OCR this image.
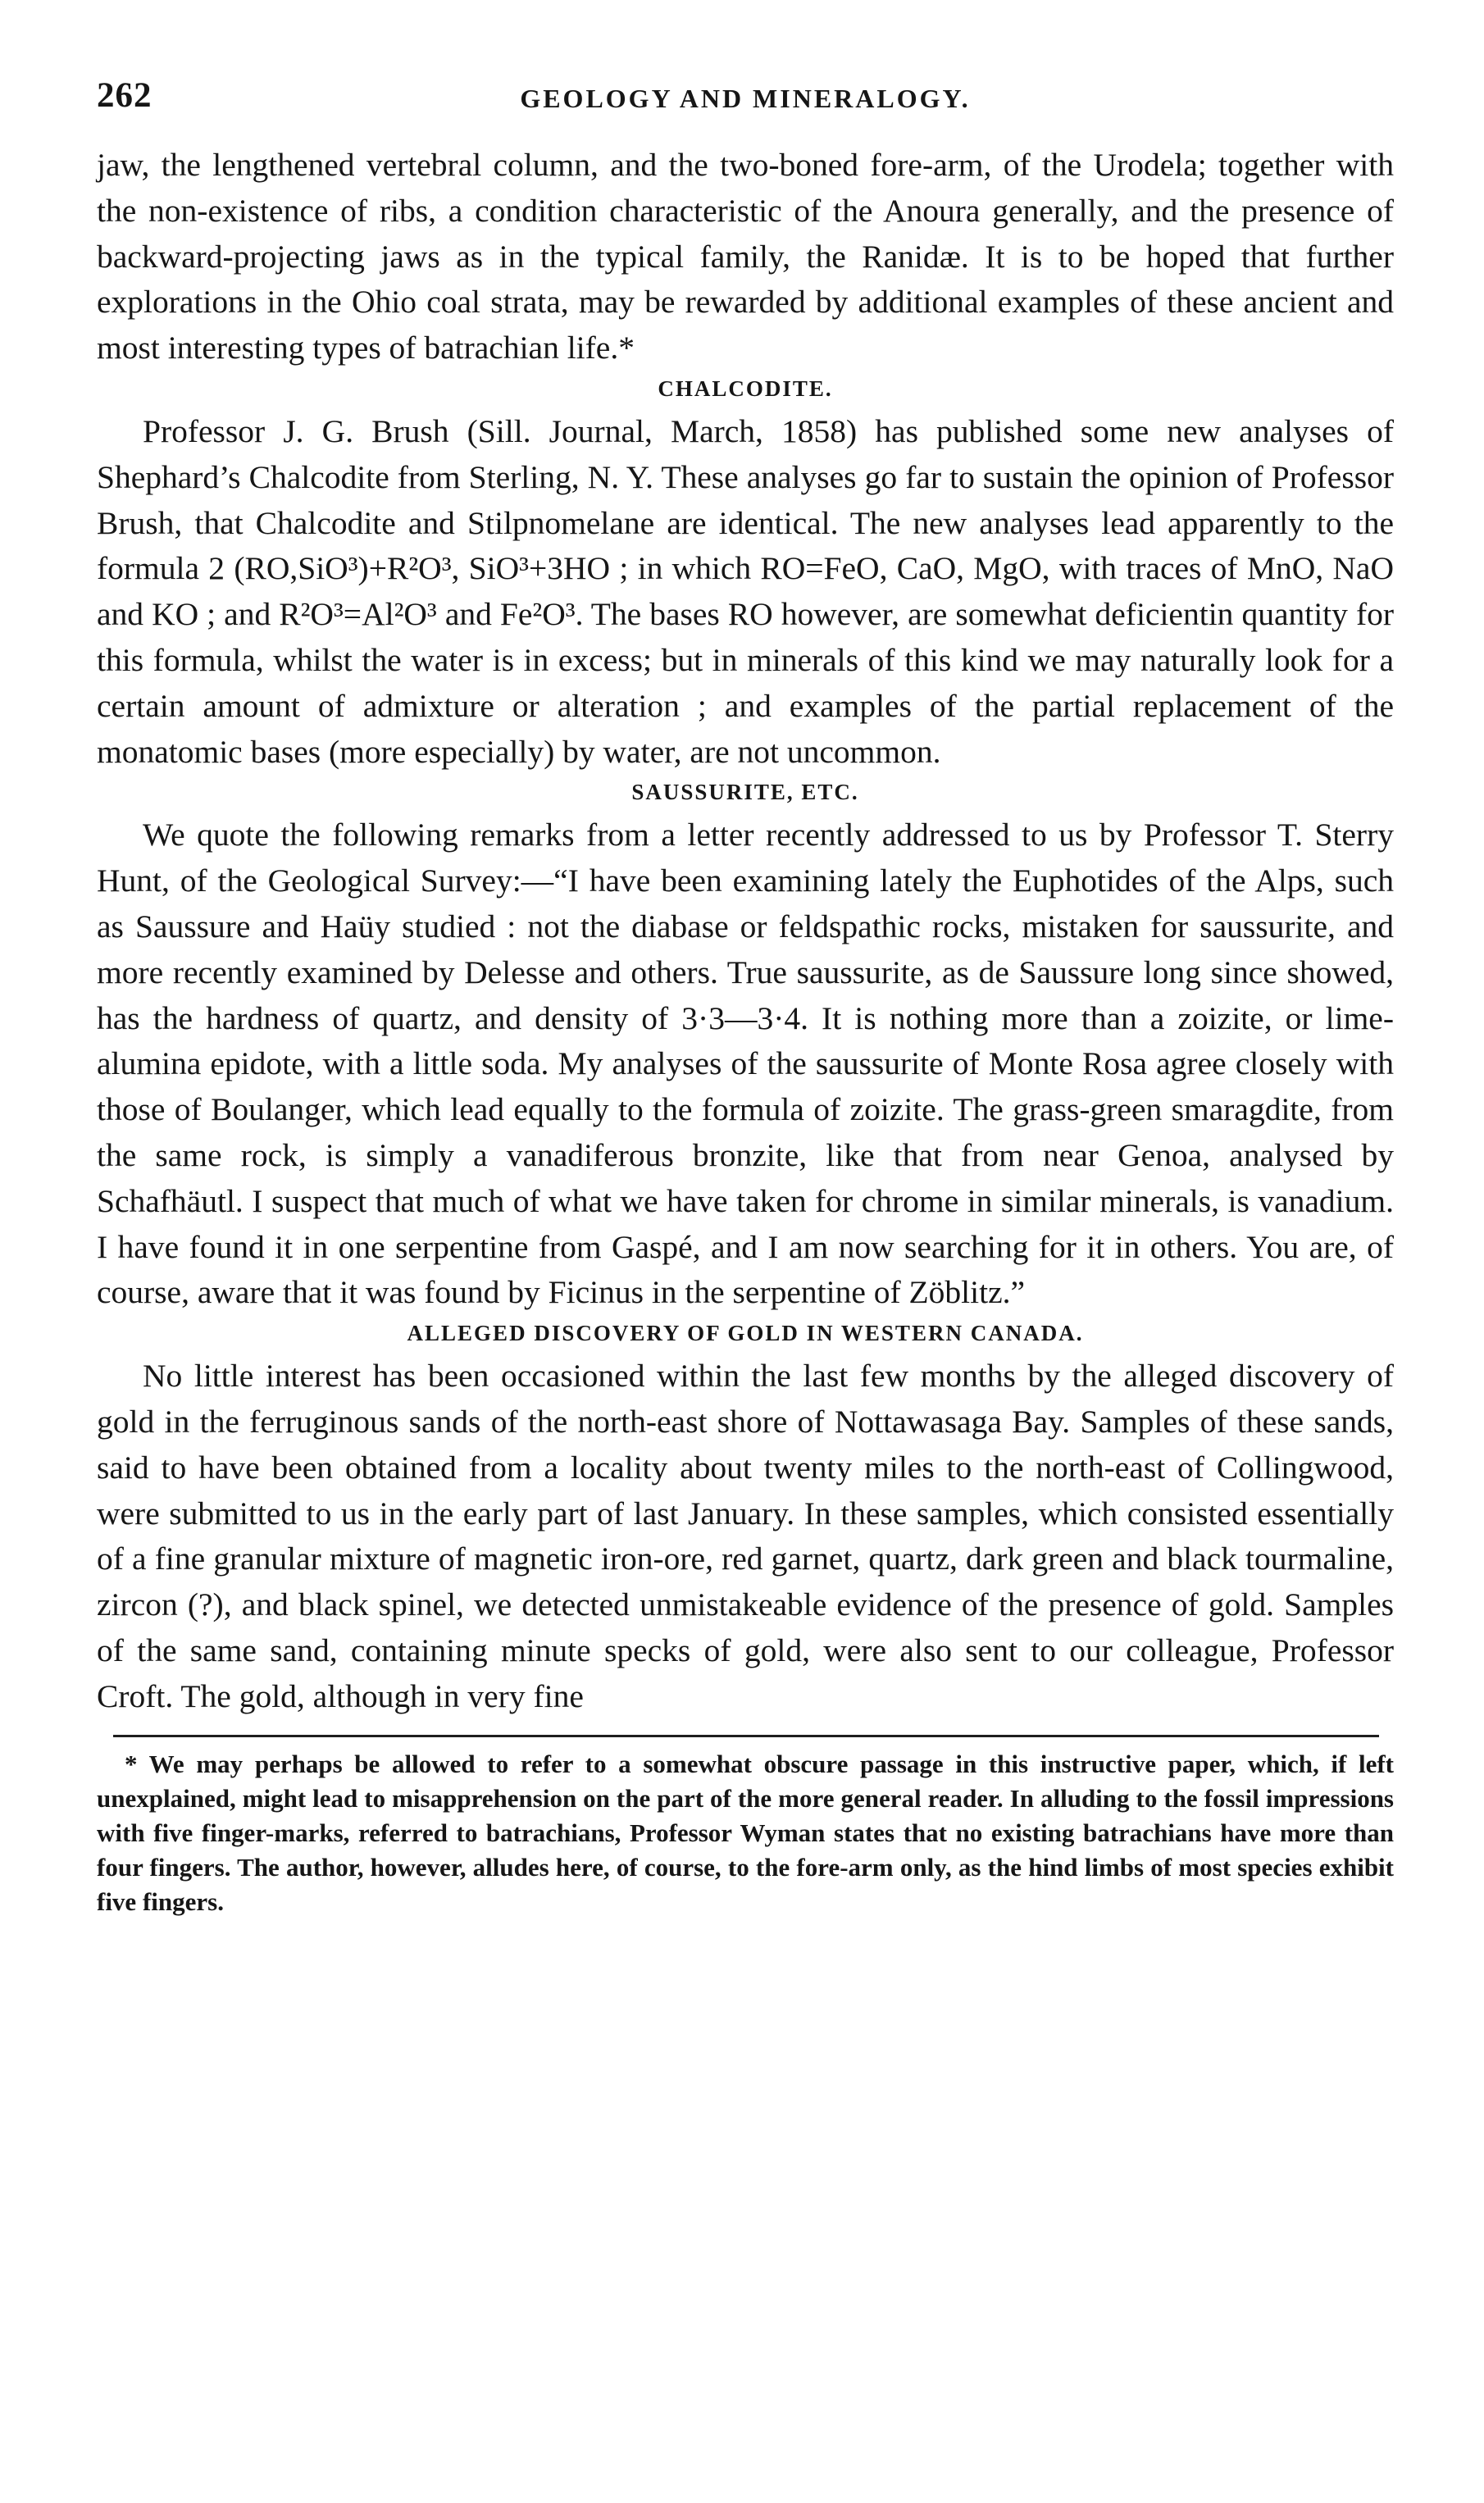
262	GEOLOGY AND MINERALOGY.

jaw, the lengthened vertebral column, and the two-boned fore-arm, of the Urodela; together with the non-existence of ribs, a condition characteristic of the Anoura generally, and the presence of backward-projecting jaws as in the typical family, the Ranidæ. It is to be hoped that further explorations in the Ohio coal strata, may be rewarded by additional examples of these ancient and most interesting types of batrachian life.*

CHALCODITE.

Professor J. G. Brush (Sill. Journal, March, 1858) has published some new analyses of Shephard’s Chalcodite from Sterling, N. Y. These analyses go far to sustain the opinion of Professor Brush, that Chalcodite and Stilpnomelane are identical. The new analyses lead apparently to the formula 2 (RO,SiO³)+R²O³, SiO³+3HO ; in which RO=FeO, CaO, MgO, with traces of MnO, NaO and KO ; and R²O³=Al²O³ and Fe²O³. The bases RO however, are somewhat deficientin quantity for this formula, whilst the water is in excess; but in minerals of this kind we may naturally look for a certain amount of admixture or alteration ; and examples of the partial replacement of the monatomic bases (more especially) by water, are not uncommon.

SAUSSURITE, ETC.

We quote the following remarks from a letter recently addressed to us by Professor T. Sterry Hunt, of the Geological Survey:—“I have been examining lately the Euphotides of the Alps, such as Saussure and Haüy studied : not the diabase or feldspathic rocks, mistaken for saussurite, and more recently examined by Delesse and others. True saussurite, as de Saussure long since showed, has the hardness of quartz, and density of 3·3—3·4. It is nothing more than a zoizite, or lime-alumina epidote, with a little soda. My analyses of the saussurite of Monte Rosa agree closely with those of Boulanger, which lead equally to the formula of zoizite. The grass-green smaragdite, from the same rock, is simply a vanadiferous bronzite, like that from near Genoa, analysed by Schafhäutl. I suspect that much of what we have taken for chrome in similar minerals, is vanadium. I have found it in one serpentine from Gaspé, and I am now searching for it in others. You are, of course, aware that it was found by Ficinus in the serpentine of Zöblitz.”

ALLEGED DISCOVERY OF GOLD IN WESTERN CANADA.

No little interest has been occasioned within the last few months by the alleged discovery of gold in the ferruginous sands of the north-east shore of Nottawasaga Bay. Samples of these sands, said to have been obtained from a locality about twenty miles to the north-east of Collingwood, were submitted to us in the early part of last January. In these samples, which consisted essentially of a fine granular mixture of magnetic iron-ore, red garnet, quartz, dark green and black tourmaline, zircon (?), and black spinel, we detected unmistakeable evidence of the presence of gold. Samples of the same sand, containing minute specks of gold, were also sent to our colleague, Professor Croft. The gold, although in very fine

* We may perhaps be allowed to refer to a somewhat obscure passage in this instructive paper, which, if left unexplained, might lead to misapprehension on the part of the more general reader. In alluding to the fossil impressions with five finger-marks, referred to batrachians, Professor Wyman states that no existing batrachians have more than four fingers. The author, however, alludes here, of course, to the fore-arm only, as the hind limbs of most species exhibit five fingers.
